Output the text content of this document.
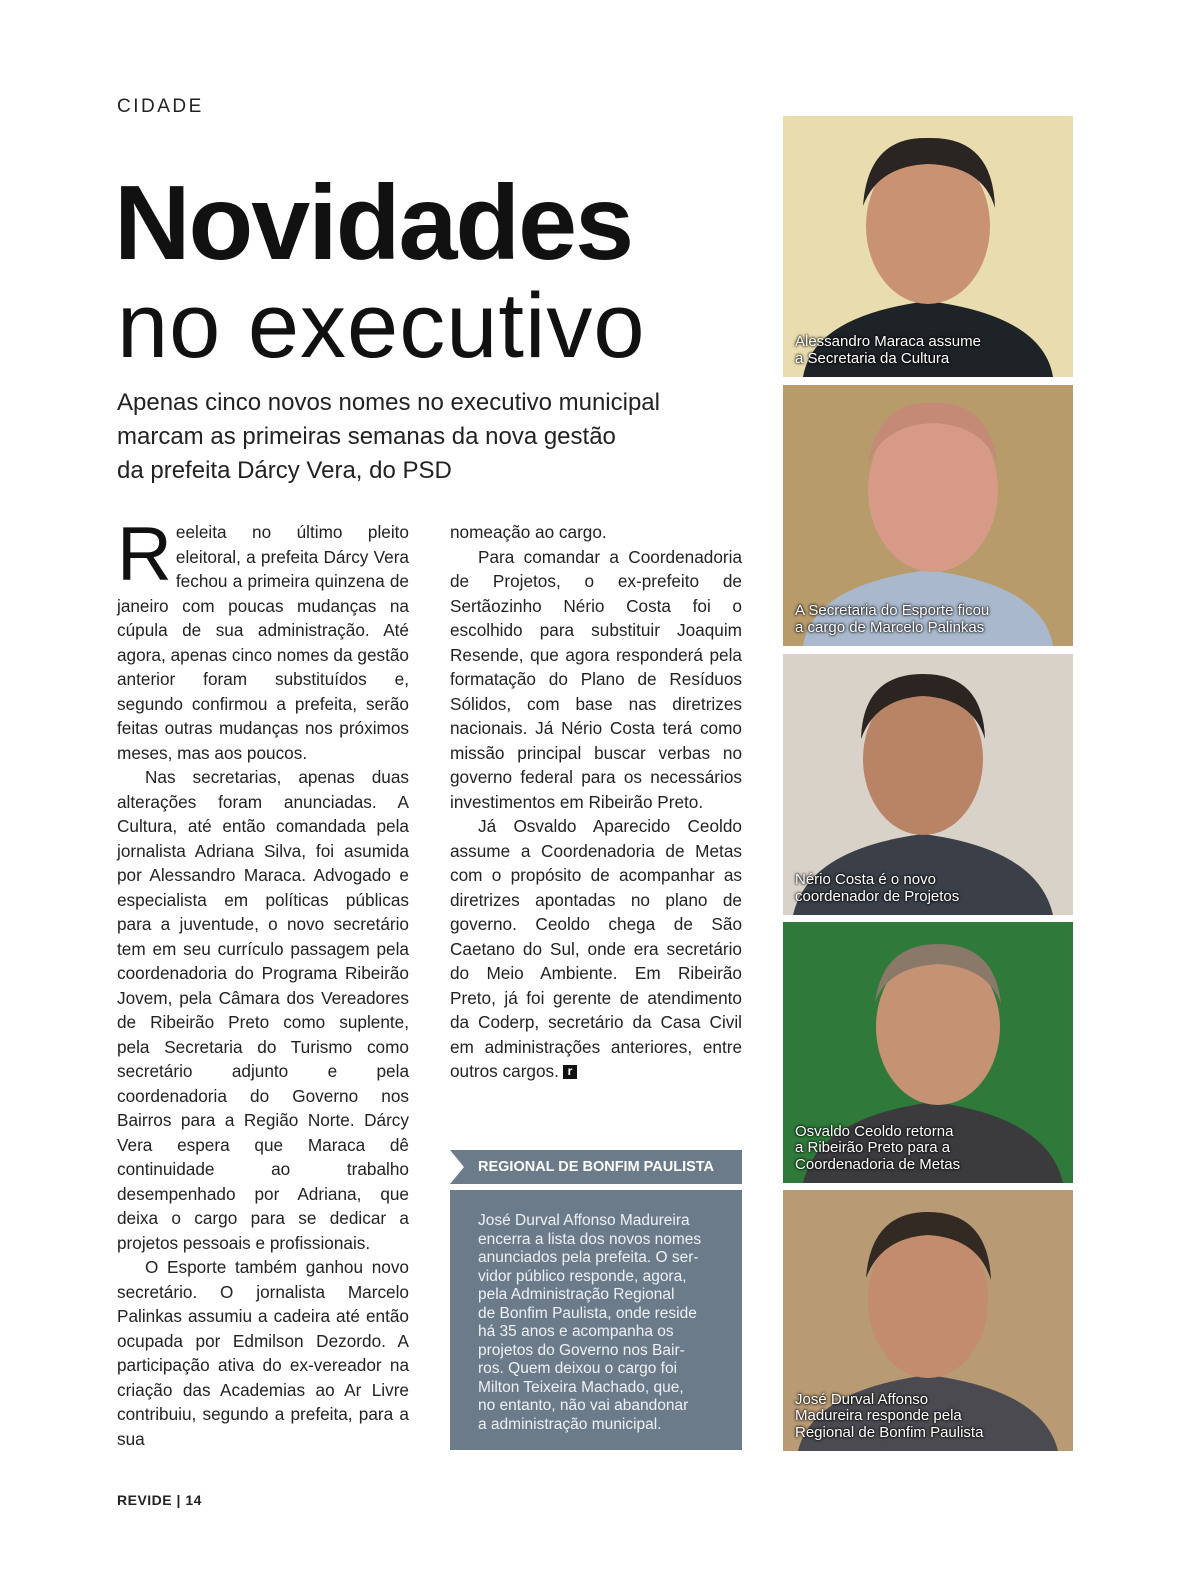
CIDADE
Novidades
no executivo
Apenas cinco novos nomes no executivo municipal
marcam as primeiras semanas da nova gestão
da prefeita Dárcy Vera, do PSD

Reeleita no último pleito eleitoral, a prefeita Dárcy Vera fechou a primeira quinzena de janeiro com poucas mudanças na cúpula de sua administração. Até agora, apenas cinco nomes da gestão anterior foram substituídos e, segundo confirmou a prefeita, serão feitas outras mudanças nos próximos meses, mas aos poucos.

Nas secretarias, apenas duas alterações foram anunciadas. A Cultura, até então comandada pela jornalista Adriana Silva, foi asumida por Alessandro Maraca. Advogado e especialista em políticas públicas para a juventude, o novo secretário tem em seu currículo passagem pela coordenadoria do Programa Ribeirão Jovem, pela Câmara dos Vereadores de Ribeirão Preto como suplente, pela Secretaria do Turismo como secretário adjunto e pela coordenadoria do Governo nos Bairros para a Região Norte. Dárcy Vera espera que Maraca dê continuidade ao trabalho desempenhado por Adriana, que deixa o cargo para se dedicar a projetos pessoais e profissionais.

O Esporte também ganhou novo secretário. O jornalista Marcelo Palinkas assumiu a cadeira até então ocupada por Edmilson Dezordo. A participação ativa do ex-vereador na criação das Academias ao Ar Livre contribuiu, segundo a prefeita, para a sua

nomeação ao cargo.

Para comandar a Coordenadoria de Projetos, o ex-prefeito de Sertãozinho Nério Costa foi o escolhido para substituir Joaquim Resende, que agora responderá pela formatação do Plano de Resíduos Sólidos, com base nas diretrizes nacionais. Já Nério Costa terá como missão principal buscar verbas no governo federal para os necessários investimentos em Ribeirão Preto.

Já Osvaldo Aparecido Ceoldo assume a Coordenadoria de Metas com o propósito de acompanhar as diretrizes apontadas no plano de governo. Ceoldo chega de São Caetano do Sul, onde era secretário do Meio Ambiente. Em Ribeirão Preto, já foi gerente de atendimento da Coderp, secretário da Casa Civil em administrações anteriores, entre outros cargos. r

REGIONAL DE BONFIM PAULISTA
José Durval Affonso Madureira
encerra a lista dos novos nomes
anunciados pela prefeita. O ser-
vidor público responde, agora,
pela Administração Regional
de Bonfim Paulista, onde reside
há 35 anos e acompanha os
projetos do Governo nos Bair-
ros. Quem deixou o cargo foi
Milton Teixeira Machado, que,
no entanto, não vai abandonar
a administração municipal.
Alessandro Maraca assume
a Secretaria da Cultura
A Secretaria do Esporte ficou
a cargo de Marcelo Palinkas
Nério Costa é o novo
coordenador de Projetos
Osvaldo Ceoldo retorna
a Ribeirão Preto para a
Coordenadoria de Metas
José Durval Affonso
Madureira responde pela
Regional de Bonfim Paulista
REVIDE | 14
